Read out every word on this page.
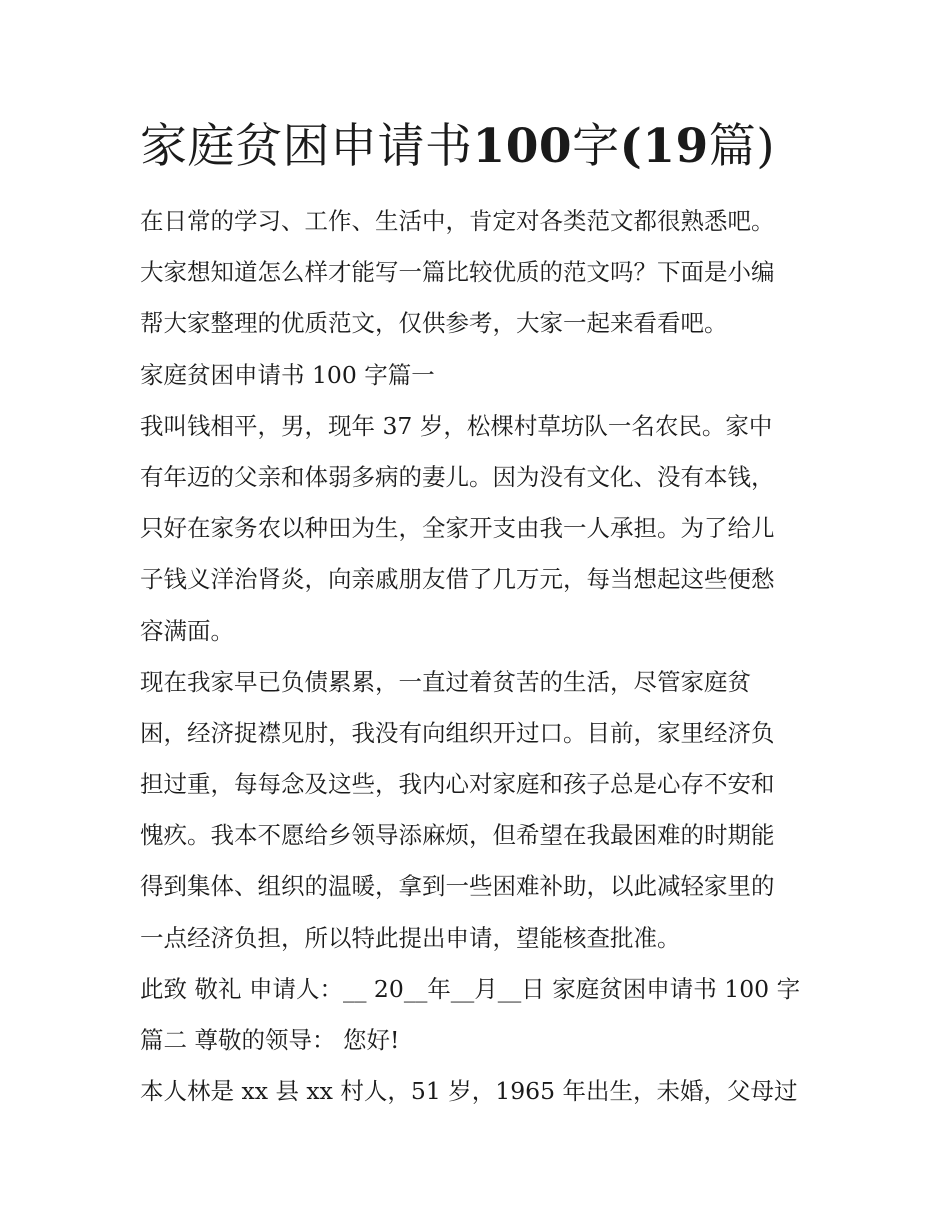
家庭贫困申请书100字(19篇)
在日常的学习、工作、生活中，肯定对各类范文都很熟悉吧。
大家想知道怎么样才能写一篇比较优质的范文吗？下面是小编
帮大家整理的优质范文，仅供参考，大家一起来看看吧。
家庭贫困申请书 100 字篇一
我叫钱相平，男，现年 37 岁，松棵村草坊队一名农民。家中
有年迈的父亲和体弱多病的妻儿。因为没有文化、没有本钱，
只好在家务农以种田为生，全家开支由我一人承担。为了给儿
子钱义洋治肾炎，向亲戚朋友借了几万元，每当想起这些便愁
容满面。
现在我家早已负债累累，一直过着贫苦的生活，尽管家庭贫
困，经济捉襟见肘，我没有向组织开过口。目前，家里经济负
担过重，每每念及这些，我内心对家庭和孩子总是心存不安和
愧疚。我本不愿给乡领导添麻烦，但希望在我最困难的时期能
得到集体、组织的温暖，拿到一些困难补助，以此减轻家里的
一点经济负担，所以特此提出申请，望能核查批准。
此致 敬礼 申请人：__ 20__年__月__日 家庭贫困申请书 100 字
篇二 尊敬的领导： 您好!
本人林是 xx 县 xx 村人，51 岁，1965 年出生，未婚，父母过
